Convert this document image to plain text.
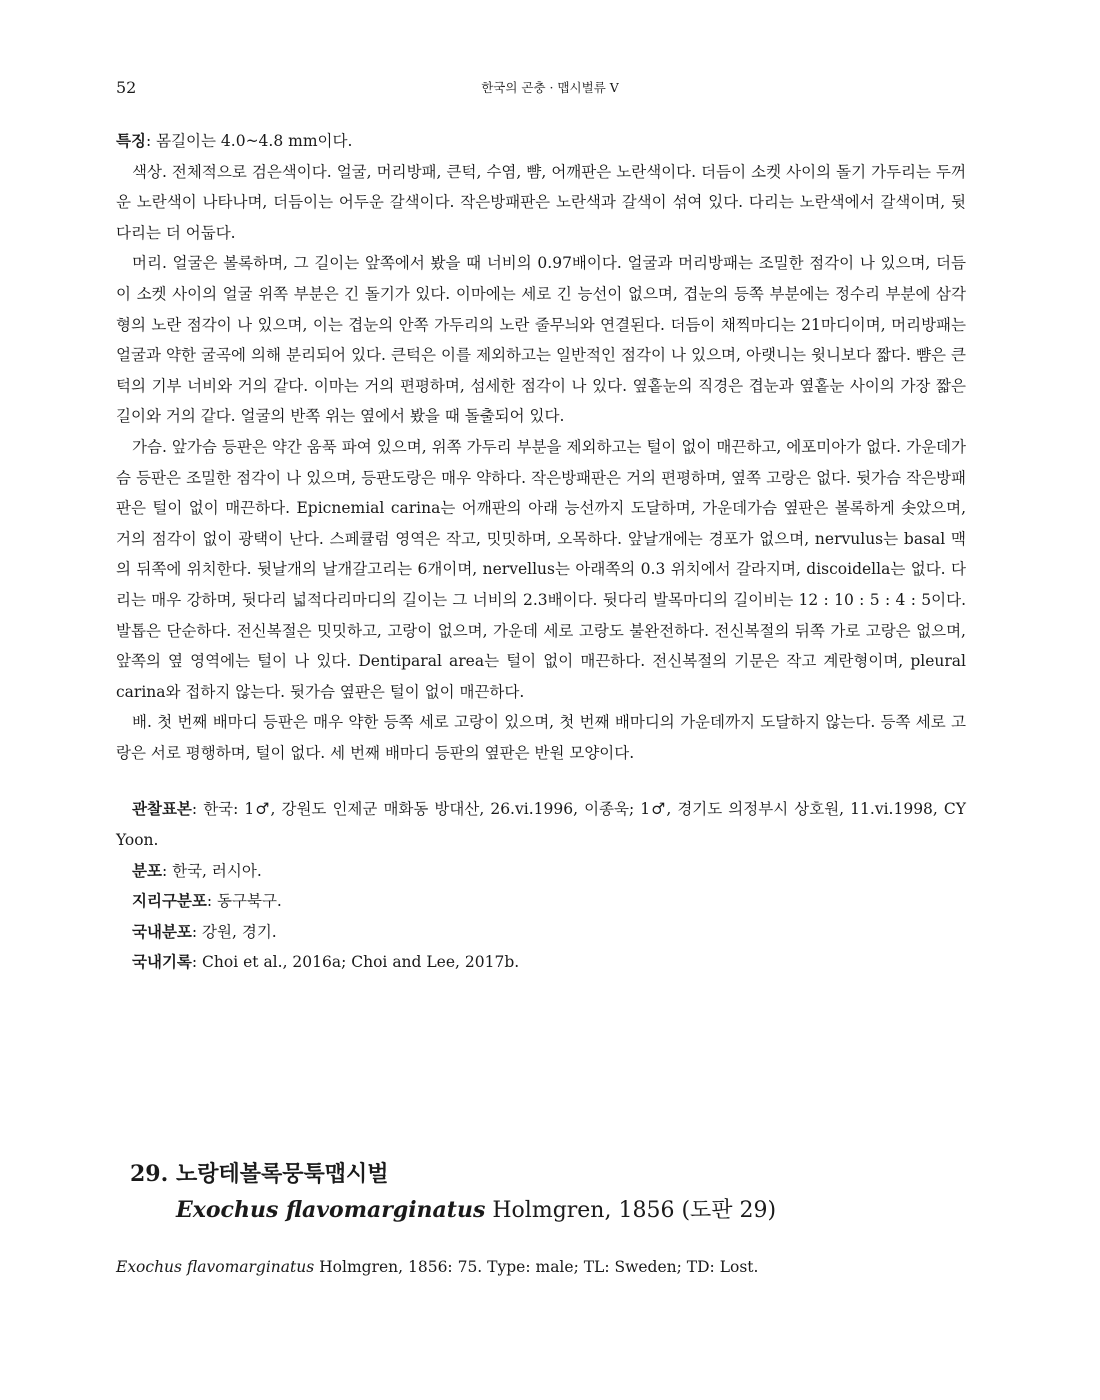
52	한국의 곤충 · 맵시벌류 V

특징: 몸길이는 4.0~4.8 mm이다.

색상. 전체적으로 검은색이다. 얼굴, 머리방패, 큰턱, 수염, 뺨, 어깨판은 노란색이다. 더듬이 소켓 사이의 돌기 가두리는 두꺼운 노란색이 나타나며, 더듬이는 어두운 갈색이다. 작은방패판은 노란색과 갈색이 섞여 있다. 다리는 노란색에서 갈색이며, 뒷다리는 더 어둡다.

머리. 얼굴은 볼록하며, 그 길이는 앞쪽에서 봤을 때 너비의 0.97배이다. 얼굴과 머리방패는 조밀한 점각이 나 있으며, 더듬이 소켓 사이의 얼굴 위쪽 부분은 긴 돌기가 있다. 이마에는 세로 긴 능선이 없으며, 겹눈의 등쪽 부분에는 정수리 부분에 삼각형의 노란 점각이 나 있으며, 이는 겹눈의 안쪽 가두리의 노란 줄무늬와 연결된다. 더듬이 채찍마디는 21마디이며, 머리방패는 얼굴과 약한 굴곡에 의해 분리되어 있다. 큰턱은 이를 제외하고는 일반적인 점각이 나 있으며, 아랫니는 윗니보다 짧다. 뺨은 큰턱의 기부 너비와 거의 같다. 이마는 거의 편평하며, 섬세한 점각이 나 있다. 옆홑눈의 직경은 겹눈과 옆홑눈 사이의 가장 짧은 길이와 거의 같다. 얼굴의 반쪽 위는 옆에서 봤을 때 돌출되어 있다.

가슴. 앞가슴 등판은 약간 움푹 파여 있으며, 위쪽 가두리 부분을 제외하고는 털이 없이 매끈하고, 에포미아가 없다. 가운데가슴 등판은 조밀한 점각이 나 있으며, 등판도랑은 매우 약하다. 작은방패판은 거의 편평하며, 옆쪽 고랑은 없다. 뒷가슴 작은방패판은 털이 없이 매끈하다. Epicnemial carina는 어깨판의 아래 능선까지 도달하며, 가운데가슴 옆판은 볼록하게 솟았으며, 거의 점각이 없이 광택이 난다. 스페큘럼 영역은 작고, 밋밋하며, 오목하다. 앞날개에는 경포가 없으며, nervulus는 basal 맥의 뒤쪽에 위치한다. 뒷날개의 날개갈고리는 6개이며, nervellus는 아래쪽의 0.3 위치에서 갈라지며, discoidella는 없다. 다리는 매우 강하며, 뒷다리 넓적다리마디의 길이는 그 너비의 2.3배이다. 뒷다리 발목마디의 길이비는 12 : 10 : 5 : 4 : 5이다. 발톱은 단순하다. 전신복절은 밋밋하고, 고랑이 없으며, 가운데 세로 고랑도 불완전하다. 전신복절의 뒤쪽 가로 고랑은 없으며, 앞쪽의 옆 영역에는 털이 나 있다. Dentiparal area는 털이 없이 매끈하다. 전신복절의 기문은 작고 계란형이며, pleural carina와 접하지 않는다. 뒷가슴 옆판은 털이 없이 매끈하다.

배. 첫 번째 배마디 등판은 매우 약한 등쪽 세로 고랑이 있으며, 첫 번째 배마디의 가운데까지 도달하지 않는다. 등쪽 세로 고랑은 서로 평행하며, 털이 없다. 세 번째 배마디 등판의 옆판은 반원 모양이다.

관찰표본: 한국: 1♂, 강원도 인제군 매화동 방대산, 26.vi.1996, 이종욱; 1♂, 경기도 의정부시 상호원, 11.vi.1998, CY Yoon.

분포: 한국, 러시아.

지리구분포: 동구북구.

국내분포: 강원, 경기.

국내기록: Choi et al., 2016a; Choi and Lee, 2017b.

29. 노랑테볼록뭉툭맵시벌
Exochus flavomarginatus Holmgren, 1856 (도판 29)
Exochus flavomarginatus Holmgren, 1856: 75. Type: male; TL: Sweden; TD: Lost.
